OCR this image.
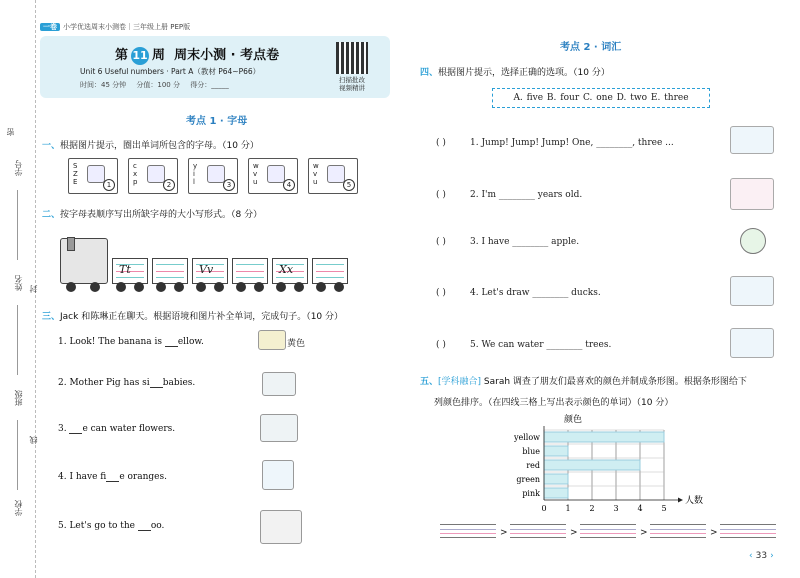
学号
密
姓名 封
班级
线
学校
一卷 小学优选周末小测卷｜三年级上册 PEP版
第 11 周 周末小测 · 考点卷
Unit 6 Useful numbers · Part A（教材 P64~P66）
时间：45 分钟 分值：100 分 得分：_____
扫描批改
视频精讲
考点 1 · 字母
一、根据图片提示，圈出单词所包含的字母。（10 分）
S
Z
E	1
c
x
p	2
y
i
l	3
w
v
u	4
w
v
u	5
二、按字母表顺序写出所缺字母的大小写形式。（8 分）
Tt	Vv	Xx
三、Jack 和陈琳正在聊天。根据语境和图片补全单词，完成句子。（10 分）
1. Look! The banana is ellow.	黄色
2. Mother Pig has si babies.
3. e can water flowers.
4. I have fi e oranges.
5. Let's go to the oo.
考点 2 · 词汇
四、根据图片提示，选择正确的选项。（10 分）
A. five B. four C. one D. two E. three
( )	1. Jump! Jump! Jump! One, ________, three ...
( )	2. I'm ________ years old.
( )	3. I have ________ apple.
( )	4. Let's draw ________ ducks.
( )	5. We can water ________ trees.
五、[学科融合] Sarah 调查了朋友们最喜欢的颜色并制成条形图。根据条形图给下
列颜色排序。（在四线三格上写出表示颜色的单词）（10 分）
颜色
yellow
blue
red
green
pink
0 1 2 3 4 5
人数
>	>	>	>
‹ 33 ›
